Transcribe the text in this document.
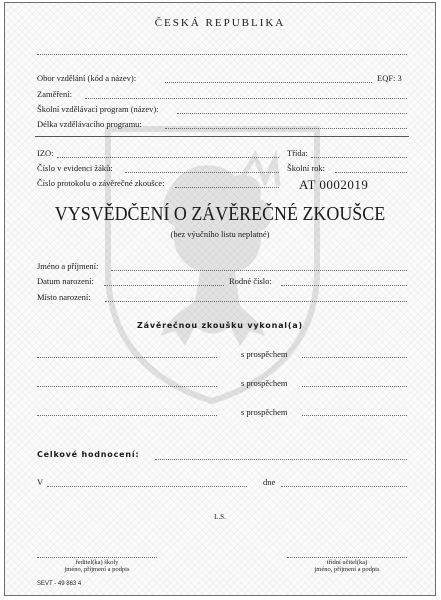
ČESKÁ REPUBLIKA
Obor vzdělání (kód a název):	EQF: 3
Zaměření:
Školní vzdělávací program (název):
Délka vzdělávacího programu:
IZO:	Třída:
Číslo v evidenci žáků:	Školní rok:
Číslo protokolu o závěrečné zkoušce:	AT 0002019
VYSVĚDČENÍ O ZÁVĚREČNÉ ZKOUŠCE
(bez výučního listu neplatné)
Jméno a příjmení:
Datum narození:	Rodné číslo:
Místo narození:
Závěrečnou zkoušku vykonal(a)
s prospěchem
s prospěchem
s prospěchem
Celkové hodnocení:
V	dne
L.S.
ředitel(ka) školy
jméno, příjmení a podpis
třídní učitel(ka)
jméno, příjmení a podpis
SEVT - 49 863 4
